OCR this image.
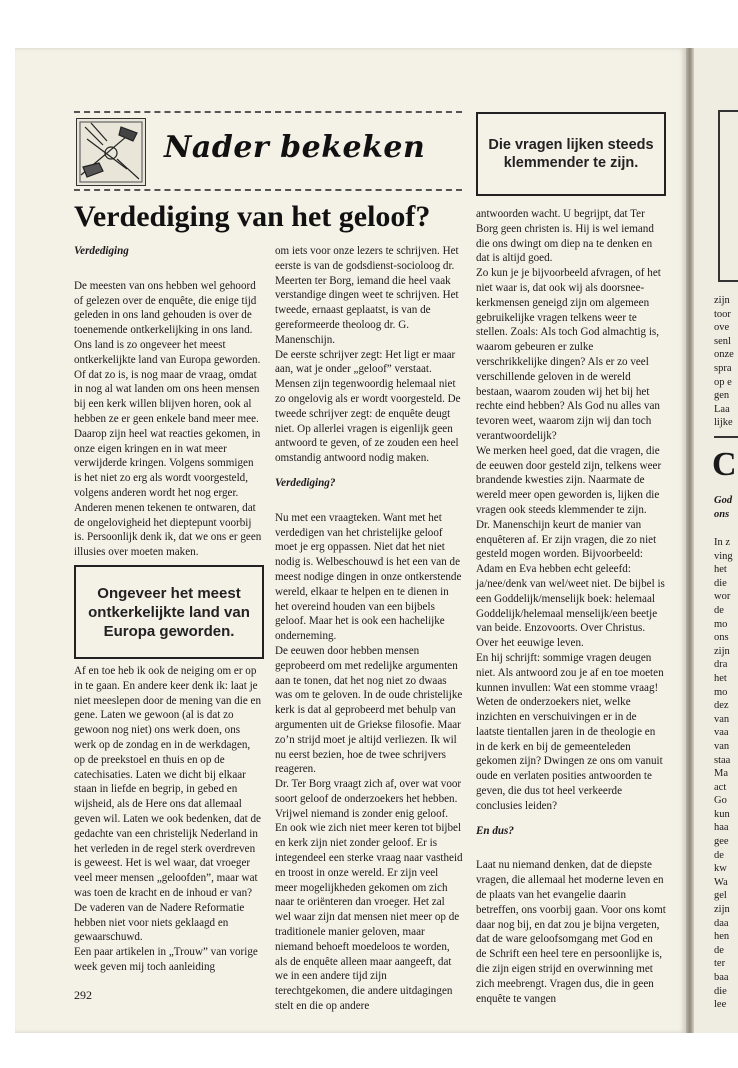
zijn
toor
ove
senl
onze
spra
op e
gen
Laa
lijke
C
God
ons
In z
ving
het
die
wor
de
mo
ons
zijn
dra
het
mo
dez
van
vaa
van
staa
Ma
act
Go
kun
haa
gee
de
kw
Wa
gel
zijn
daa
hen
de
ter
baa
die
lee
Nader bekeken	Die vragen lijken steeds klemmender te zijn.
Verdediging van het geloof?

Verdediging

De meesten van ons hebben wel gehoord of gelezen over de enquête, die enige tijd geleden in ons land gehouden is over de toenemende ontkerkelijking in ons land. Ons land is zo ongeveer het meest ontkerkelijkte land van Europa geworden. Of dat zo is, is nog maar de vraag, omdat in nog al wat landen om ons heen mensen bij een kerk willen blijven horen, ook al hebben ze er geen enkele band meer mee.

Daarop zijn heel wat reacties gekomen, in onze eigen kringen en in wat meer verwijderde kringen. Volgens sommigen is het niet zo erg als wordt voorgesteld, volgens anderen wordt het nog erger. Anderen menen tekenen te ontwaren, dat de ongelovigheid het dieptepunt voorbij is. Persoonlijk denk ik, dat we ons er geen illusies over moeten maken.

Ongeveer het meest ontkerkelijkte land van Europa geworden.

Af en toe heb ik ook de neiging om er op in te gaan. En andere keer denk ik: laat je niet meeslepen door de mening van die en gene. Laten we gewoon (al is dat zo gewoon nog niet) ons werk doen, ons werk op de zondag en in de werkdagen, op de preekstoel en thuis en op de catechisaties. Laten we dicht bij elkaar staan in liefde en begrip, in gebed en wijsheid, als de Here ons dat allemaal geven wil. Laten we ook bedenken, dat de gedachte van een christelijk Nederland in het verleden in de regel sterk overdreven is geweest. Het is wel waar, dat vroeger veel meer mensen „geloofden”, maar wat was toen de kracht en de inhoud er van? De vaderen van de Nadere Reformatie hebben niet voor niets geklaagd en gewaarschuwd.

Een paar artikelen in „Trouw” van vorige week geven mij toch aanleiding

om iets voor onze lezers te schrijven. Het eerste is van de godsdienst-socioloog dr. Meerten ter Borg, iemand die heel vaak verstandige dingen weet te schrijven. Het tweede, ernaast geplaatst, is van de gereformeerde theoloog dr. G. Manenschijn.

De eerste schrijver zegt: Het ligt er maar aan, wat je onder „geloof” verstaat. Mensen zijn tegenwoordig helemaal niet zo ongelovig als er wordt voorgesteld. De tweede schrijver zegt: de enquête deugt niet. Op allerlei vragen is eigenlijk geen antwoord te geven, of ze zouden een heel omstandig antwoord nodig maken.

Verdediging?

Nu met een vraagteken. Want met het verdedigen van het christelijke geloof moet je erg oppassen. Niet dat het niet nodig is. Welbeschouwd is het een van de meest nodige dingen in onze ontkerstende wereld, elkaar te helpen en te dienen in het overeind houden van een bijbels geloof. Maar het is ook een hachelijke onderneming.

De eeuwen door hebben mensen geprobeerd om met redelijke argumenten aan te tonen, dat het nog niet zo dwaas was om te geloven. In de oude christelijke kerk is dat al geprobeerd met behulp van argumenten uit de Griekse filosofie. Maar zo’n strijd moet je altijd verliezen. Ik wil nu eerst bezien, hoe de twee schrijvers reageren.

Dr. Ter Borg vraagt zich af, over wat voor soort geloof de onderzoekers het hebben. Vrijwel niemand is zonder enig geloof. En ook wie zich niet meer keren tot bijbel en kerk zijn niet zonder geloof. Er is integendeel een sterke vraag naar vastheid en troost in onze wereld. Er zijn veel meer mogelijkheden gekomen om zich naar te oriënteren dan vroeger. Het zal wel waar zijn dat mensen niet meer op de traditionele manier geloven, maar niemand behoeft moedeloos te worden, als de enquête alleen maar aangeeft, dat we in een andere tijd zijn terechtgekomen, die andere uitdagingen stelt en die op andere

antwoorden wacht. U begrijpt, dat Ter Borg geen christen is. Hij is wel iemand die ons dwingt om diep na te denken en dat is altijd goed.

Zo kun je je bijvoorbeeld afvragen, of het niet waar is, dat ook wij als doorsnee-kerkmensen geneigd zijn om algemeen gebruikelijke vragen telkens weer te stellen. Zoals: Als toch God almachtig is, waarom gebeuren er zulke verschrikkelijke dingen? Als er zo veel verschillende geloven in de wereld bestaan, waarom zouden wij het bij het rechte eind hebben? Als God nu alles van tevoren weet, waarom zijn wij dan toch verantwoordelijk?

We merken heel goed, dat die vragen, die de eeuwen door gesteld zijn, telkens weer brandende kwesties zijn. Naarmate de wereld meer open geworden is, lijken die vragen ook steeds klemmender te zijn.

Dr. Manenschijn keurt de manier van enquêteren af. Er zijn vragen, die zo niet gesteld mogen worden. Bijvoorbeeld: Adam en Eva hebben echt geleefd: ja/nee/denk van wel/weet niet. De bijbel is een Goddelijk/menselijk boek: helemaal Goddelijk/helemaal menselijk/een beetje van beide. Enzovoorts. Over Christus. Over het eeuwige leven.

En hij schrijft: sommige vragen deugen niet. Als antwoord zou je af en toe moeten kunnen invullen: Wat een stomme vraag! Weten de onderzoekers niet, welke inzichten en verschuivingen er in de laatste tientallen jaren in de theologie en in de kerk en bij de gemeenteleden gekomen zijn? Dwingen ze ons om vanuit oude en verlaten posities antwoorden te geven, die dus tot heel verkeerde conclusies leiden?

En dus?

Laat nu niemand denken, dat de diepste vragen, die allemaal het moderne leven en de plaats van het evangelie daarin betreffen, ons voorbij gaan. Voor ons komt daar nog bij, en dat zou je bijna vergeten, dat de ware geloofsomgang met God en de Schrift een heel tere en persoonlijke is, die zijn eigen strijd en overwinning met zich meebrengt. Vragen dus, die in geen enquête te vangen

292
